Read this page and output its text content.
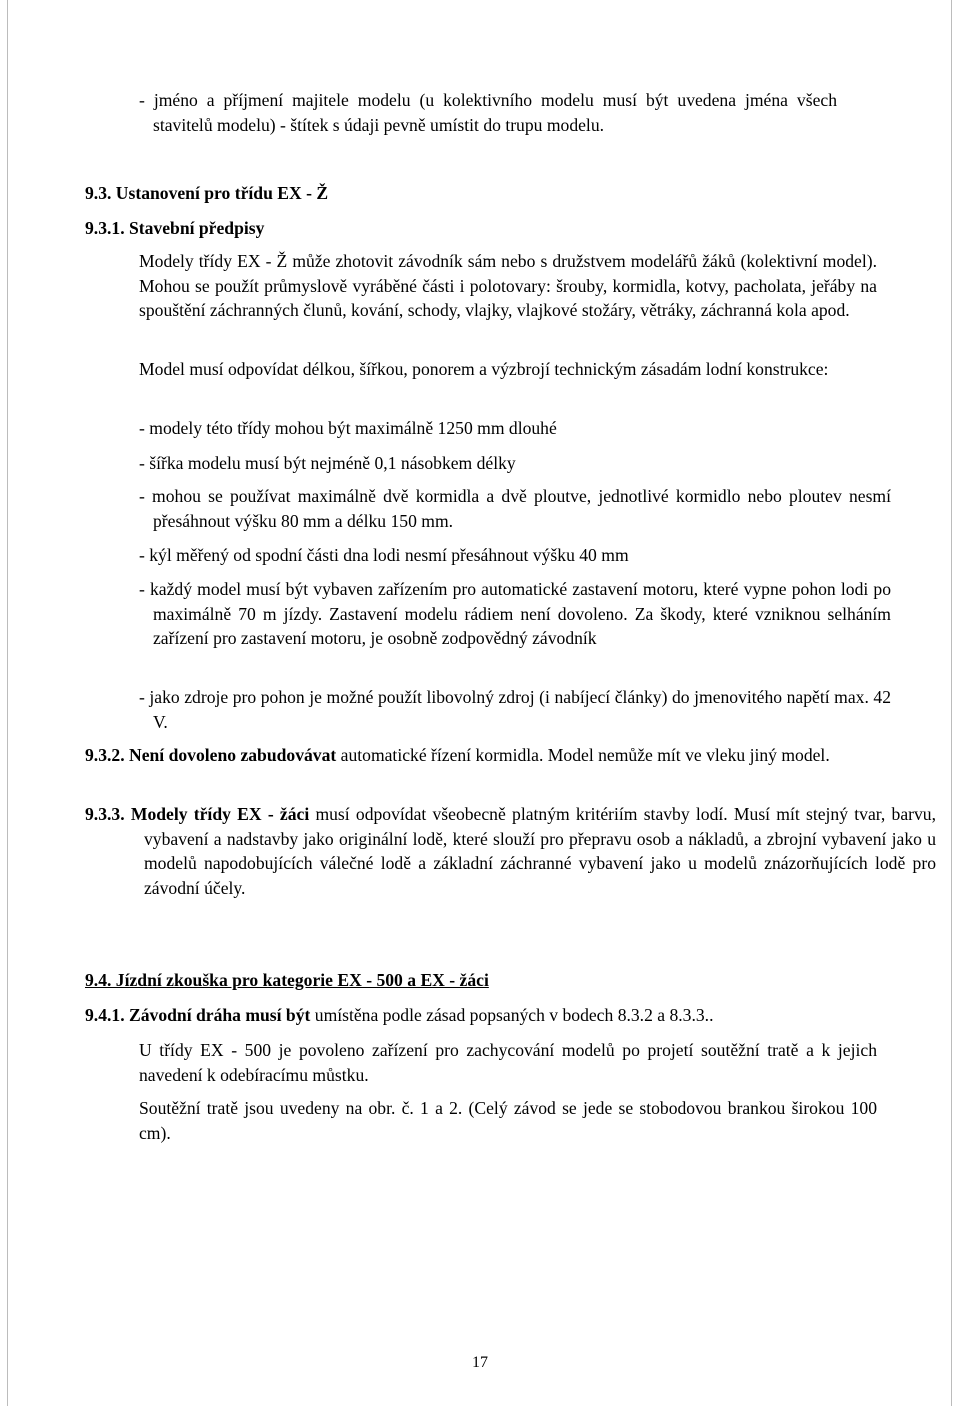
- jméno a příjmení majitele modelu (u kolektivního modelu musí být uvedena jména všech stavitelů modelu) - štítek s údaji pevně umístit do trupu modelu.
9.3. Ustanovení pro třídu EX - Ž
9.3.1. Stavební předpisy
Modely třídy EX - Ž může zhotovit závodník sám nebo s družstvem modelářů žáků (kolektivní model). Mohou se použít průmyslově vyráběné části i polotovary: šrouby, kormidla, kotvy, pacholata, jeřáby na spouštění záchranných člunů, kování, schody, vlajky, vlajkové stožáry, větráky, záchranná kola apod.
Model musí odpovídat délkou, šířkou, ponorem a výzbrojí technickým zásadám lodní konstrukce:
- modely této třídy mohou být maximálně 1250 mm dlouhé
- šířka modelu musí být nejméně 0,1 násobkem délky
- mohou se používat maximálně dvě kormidla a dvě ploutve, jednotlivé kormidlo nebo ploutev nesmí přesáhnout výšku 80 mm a délku 150 mm.
- kýl měřený od spodní části dna lodi nesmí přesáhnout výšku 40 mm
- každý model musí být vybaven zařízením pro automatické zastavení motoru, které vypne pohon lodi po maximálně 70 m jízdy. Zastavení modelu rádiem není dovoleno. Za škody, které vzniknou selháním zařízení pro zastavení motoru, je osobně zodpovědný závodník
- jako zdroje pro pohon je možné použít libovolný zdroj (i nabíjecí články) do jmenovitého napětí max. 42 V.
9.3.2. Není dovoleno zabudovávat automatické řízení kormidla. Model nemůže mít ve vleku jiný model.
9.3.3. Modely třídy EX - žáci musí odpovídat všeobecně platným kritériím stavby lodí. Musí mít stejný tvar, barvu, vybavení a nadstavby jako originální lodě, které slouží pro přepravu osob a nákladů, a zbrojní vybavení jako u modelů napodobujících válečné lodě a základní záchranné vybavení jako u modelů znázorňujících lodě pro závodní účely.
9.4. Jízdní zkouška pro kategorie EX - 500 a EX - žáci
9.4.1. Závodní dráha musí být umístěna podle zásad popsaných v bodech 8.3.2 a 8.3.3..
U třídy EX - 500 je povoleno zařízení pro zachycování modelů po projetí soutěžní tratě a k jejich navedení k odebíracímu můstku.
Soutěžní tratě jsou uvedeny na obr. č. 1 a 2. (Celý závod se jede se stobodovou brankou širokou 100 cm).
17
